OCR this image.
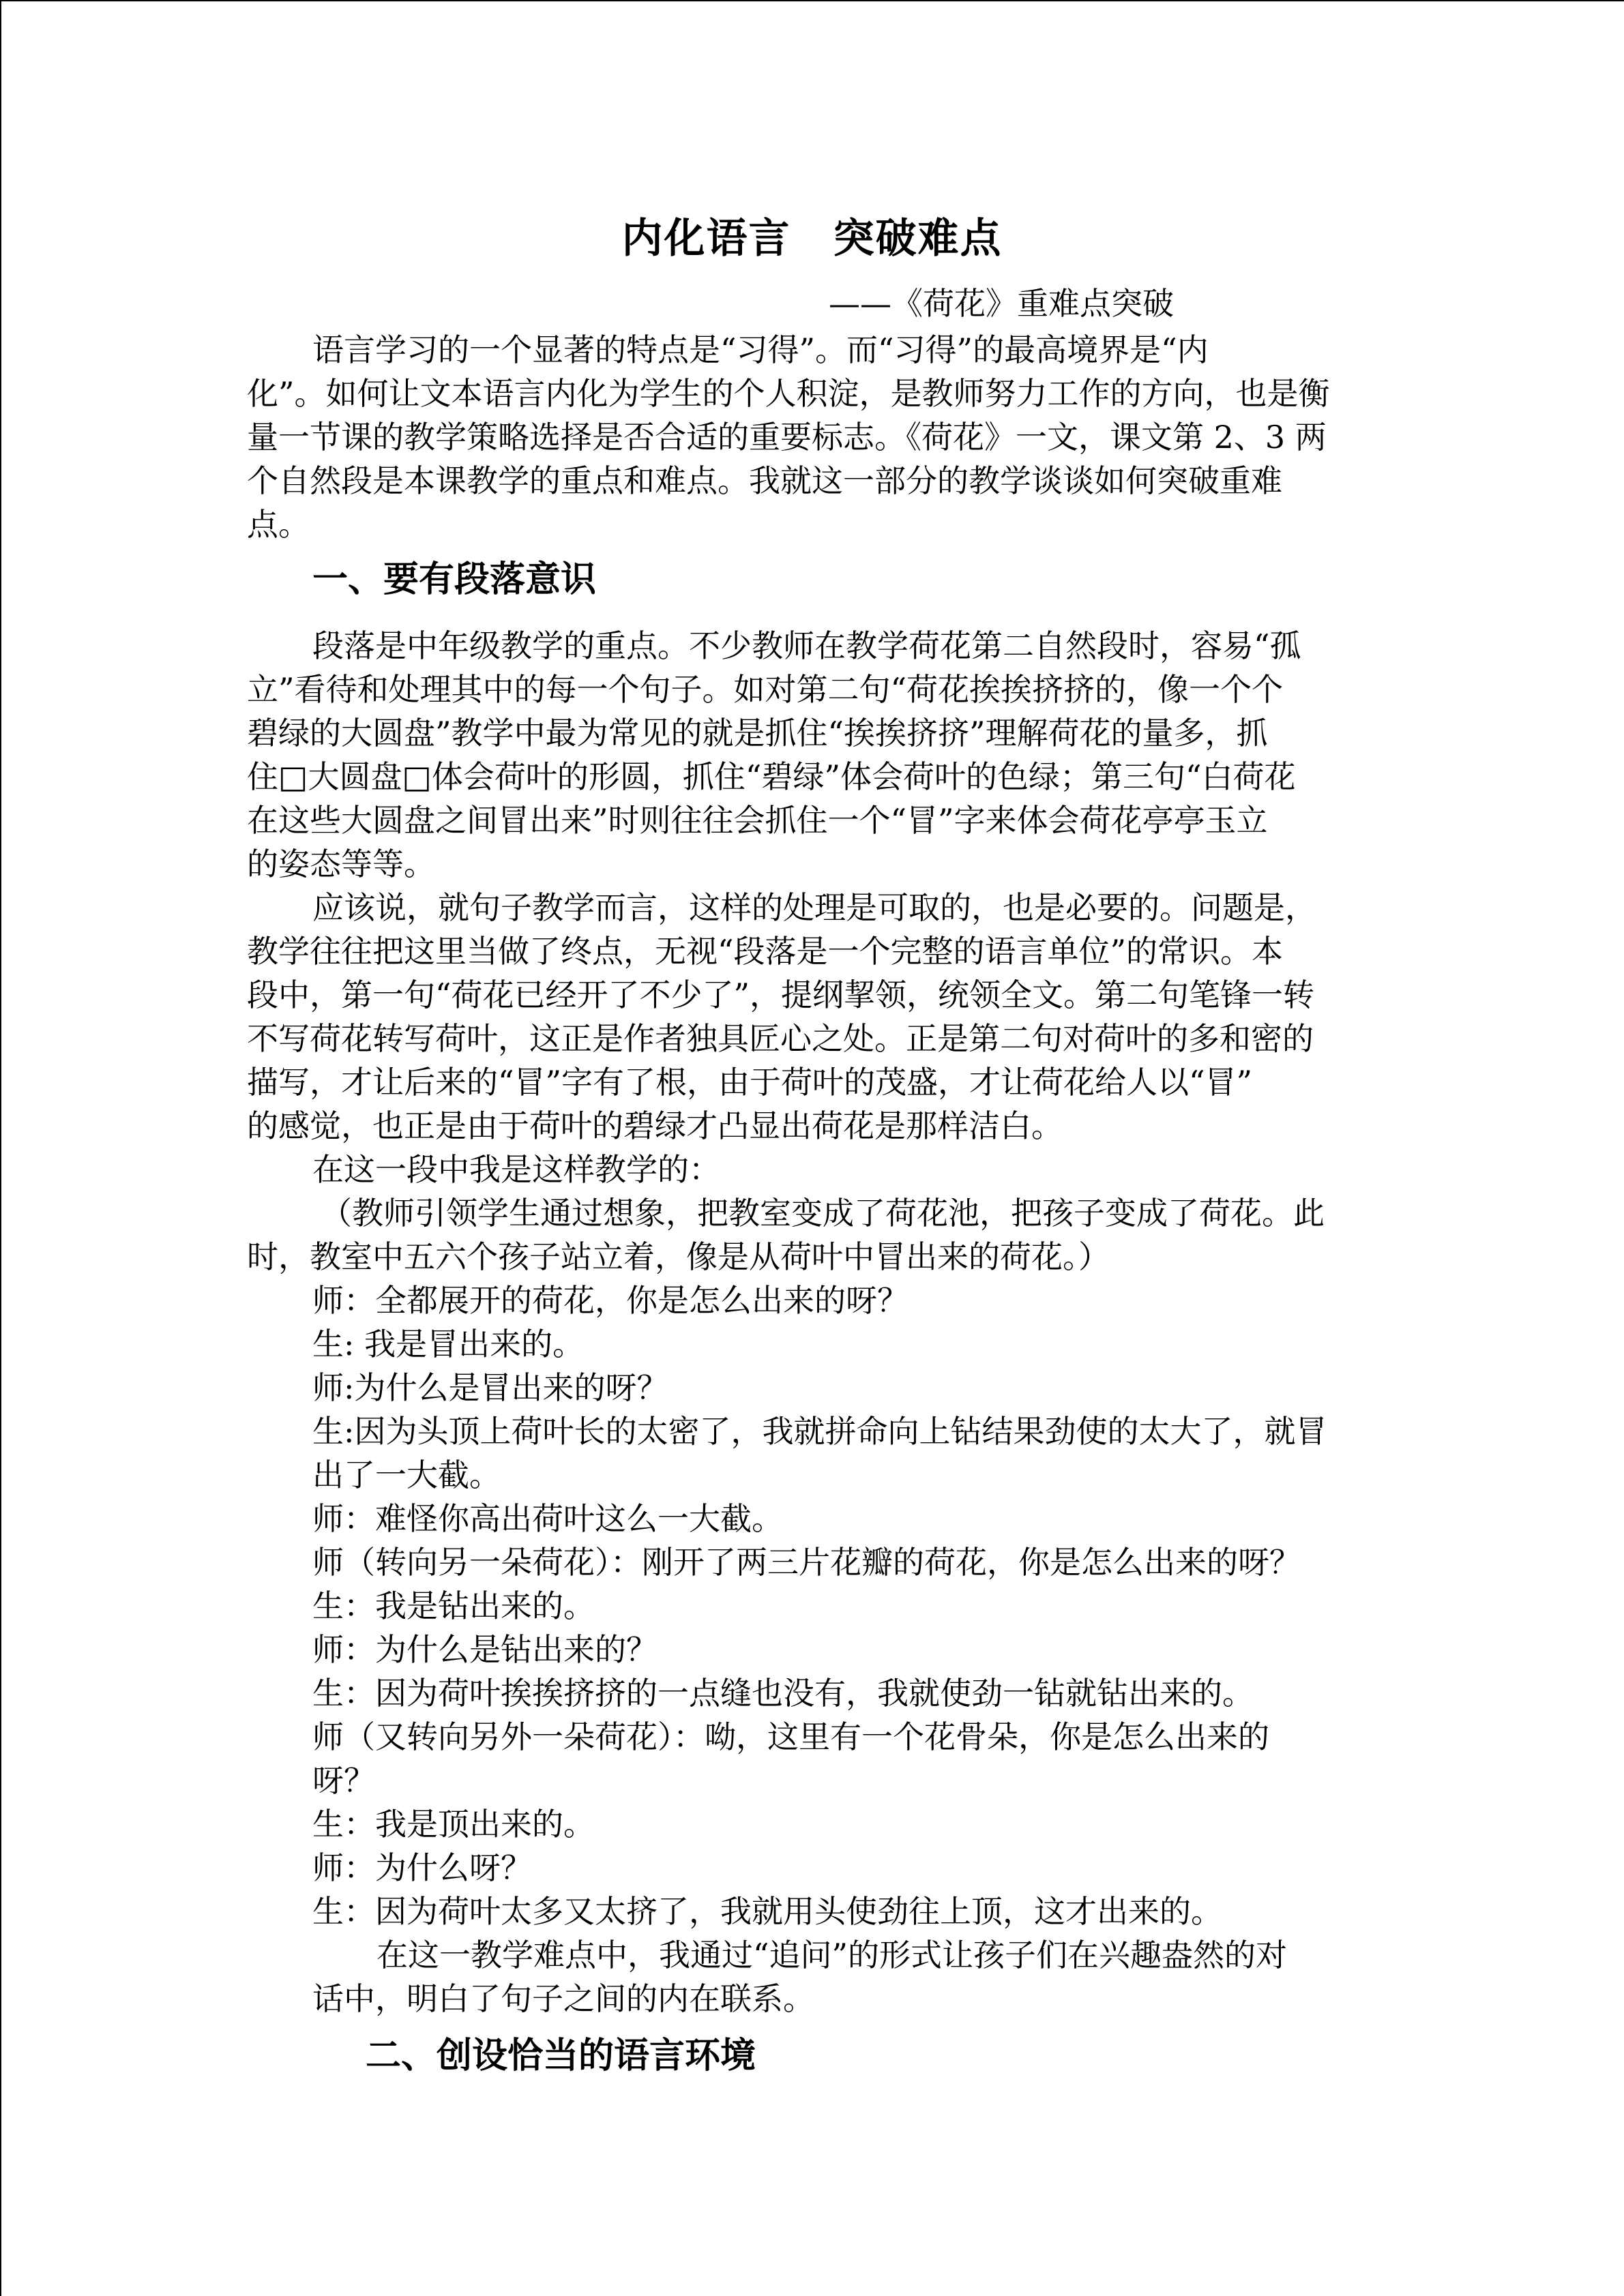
内化语言　突破难点
——《荷花》重难点突破
语言学习的一个显著的特点是“习得”。而“习得”的最高境界是“内
化”。如何让文本语言内化为学生的个人积淀，是教师努力工作的方向，也是衡
量一节课的教学策略选择是否合适的重要标志。《荷花》一文，课文第 2、3 两
个自然段是本课教学的重点和难点。我就这一部分的教学谈谈如何突破重难
点。
一、要有段落意识
段落是中年级教学的重点。不少教师在教学荷花第二自然段时，容易“孤
立”看待和处理其中的每一个句子。如对第二句“荷花挨挨挤挤的，像一个个
碧绿的大圆盘”教学中最为常见的就是抓住“挨挨挤挤”理解荷花的量多，抓
住□大圆盘□体会荷叶的形圆，抓住“碧绿”体会荷叶的色绿；第三句“白荷花
在这些大圆盘之间冒出来”时则往往会抓住一个“冒”字来体会荷花亭亭玉立
的姿态等等。
应该说，就句子教学而言，这样的处理是可取的，也是必要的。问题是，
教学往往把这里当做了终点，无视“段落是一个完整的语言单位”的常识。本
段中，第一句“荷花已经开了不少了”，提纲挈领，统领全文。第二句笔锋一转
不写荷花转写荷叶，这正是作者独具匠心之处。正是第二句对荷叶的多和密的
描写，才让后来的“冒”字有了根，由于荷叶的茂盛，才让荷花给人以“冒”
的感觉，也正是由于荷叶的碧绿才凸显出荷花是那样洁白。
在这一段中我是这样教学的：
（教师引领学生通过想象，把教室变成了荷花池，把孩子变成了荷花。此
时，教室中五六个孩子站立着，像是从荷叶中冒出来的荷花。）
师：全都展开的荷花，你是怎么出来的呀？
生: 我是冒出来的。
师:为什么是冒出来的呀？
生:因为头顶上荷叶长的太密了，我就拼命向上钻结果劲使的太大了，就冒
出了一大截。
师：难怪你高出荷叶这么一大截。
师（转向另一朵荷花）：刚开了两三片花瓣的荷花，你是怎么出来的呀？
生：我是钻出来的。
师：为什么是钻出来的？
生：因为荷叶挨挨挤挤的一点缝也没有，我就使劲一钻就钻出来的。
师（又转向另外一朵荷花）：呦，这里有一个花骨朵，你是怎么出来的
呀？
生：我是顶出来的。
师：为什么呀？
生：因为荷叶太多又太挤了，我就用头使劲往上顶，这才出来的。
在这一教学难点中，我通过“追问”的形式让孩子们在兴趣盎然的对
话中，明白了句子之间的内在联系。
二、创设恰当的语言环境
